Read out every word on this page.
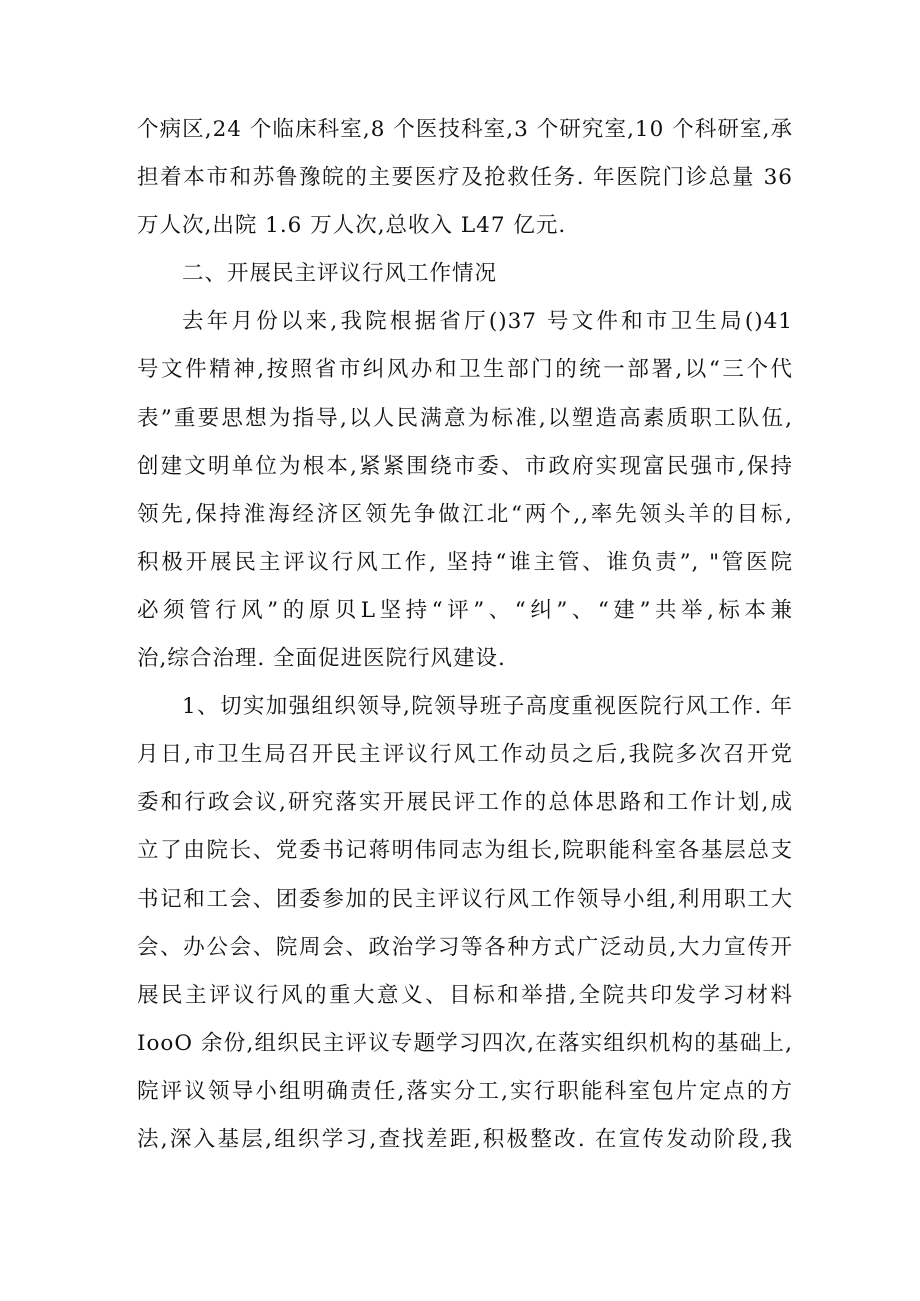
个病区,24 个临床科室,8 个医技科室,3 个研究室,10 个科研室,承
担着本市和苏鲁豫皖的主要医疗及抢救任务. 年医院门诊总量 36
万人次,出院 1.6 万人次,总收入 L47 亿元.
二、开展民主评议行风工作情况
去年月份以来,我院根据省厅()37 号文件和市卫生局()41
号文件精神,按照省市纠风办和卫生部门的统一部署,以“三个代
表”重要思想为指导,以人民满意为标准,以塑造高素质职工队伍,
创建文明单位为根本,紧紧围绕市委、市政府实现富民强市,保持
领先,保持淮海经济区领先争做江北“两个,,率先领头羊的目标,
积极开展民主评议行风工作, 坚持“谁主管、谁负责”, "管医院
必须管行风”的原贝L坚持“评”、“纠”、“建”共举,标本兼
治,综合治理. 全面促进医院行风建设.
1、切实加强组织领导,院领导班子高度重视医院行风工作. 年
月日,市卫生局召开民主评议行风工作动员之后,我院多次召开党
委和行政会议,研究落实开展民评工作的总体思路和工作计划,成
立了由院长、党委书记蒋明伟同志为组长,院职能科室各基层总支
书记和工会、团委参加的民主评议行风工作领导小组,利用职工大
会、办公会、院周会、政治学习等各种方式广泛动员,大力宣传开
展民主评议行风的重大意义、目标和举措,全院共印发学习材料
IooO 余份,组织民主评议专题学习四次,在落实组织机构的基础上,
院评议领导小组明确责任,落实分工,实行职能科室包片定点的方
法,深入基层,组织学习,查找差距,积极整改. 在宣传发动阶段,我
